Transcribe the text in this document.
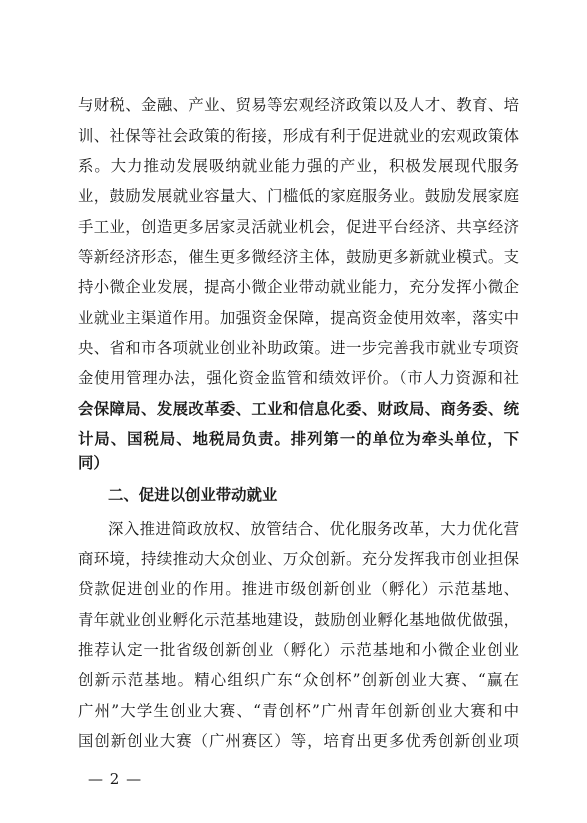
与财税、金融、产业、贸易等宏观经济政策以及人才、教育、培
训、社保等社会政策的衔接，形成有利于促进就业的宏观政策体
系。大力推动发展吸纳就业能力强的产业，积极发展现代服务
业，鼓励发展就业容量大、门槛低的家庭服务业。鼓励发展家庭
手工业，创造更多居家灵活就业机会，促进平台经济、共享经济
等新经济形态，催生更多微经济主体，鼓励更多新就业模式。支
持小微企业发展，提高小微企业带动就业能力，充分发挥小微企
业就业主渠道作用。加强资金保障，提高资金使用效率，落实中
央、省和市各项就业创业补助政策。进一步完善我市就业专项资
金使用管理办法，强化资金监管和绩效评价。（市人力资源和社
会保障局、发展改革委、工业和信息化委、财政局、商务委、统
计局、国税局、地税局负责。排列第一的单位为牵头单位，下
同）
二、促进以创业带动就业
深入推进简政放权、放管结合、优化服务改革，大力优化营
商环境，持续推动大众创业、万众创新。充分发挥我市创业担保
贷款促进创业的作用。推进市级创新创业（孵化）示范基地、
青年就业创业孵化示范基地建设，鼓励创业孵化基地做优做强，
推荐认定一批省级创新创业（孵化）示范基地和小微企业创业
创新示范基地。精心组织广东“众创杯”创新创业大赛、“赢在
广州”大学生创业大赛、“青创杯”广州青年创新创业大赛和中
国创新创业大赛（广州赛区）等，培育出更多优秀创新创业项
— 2 —
